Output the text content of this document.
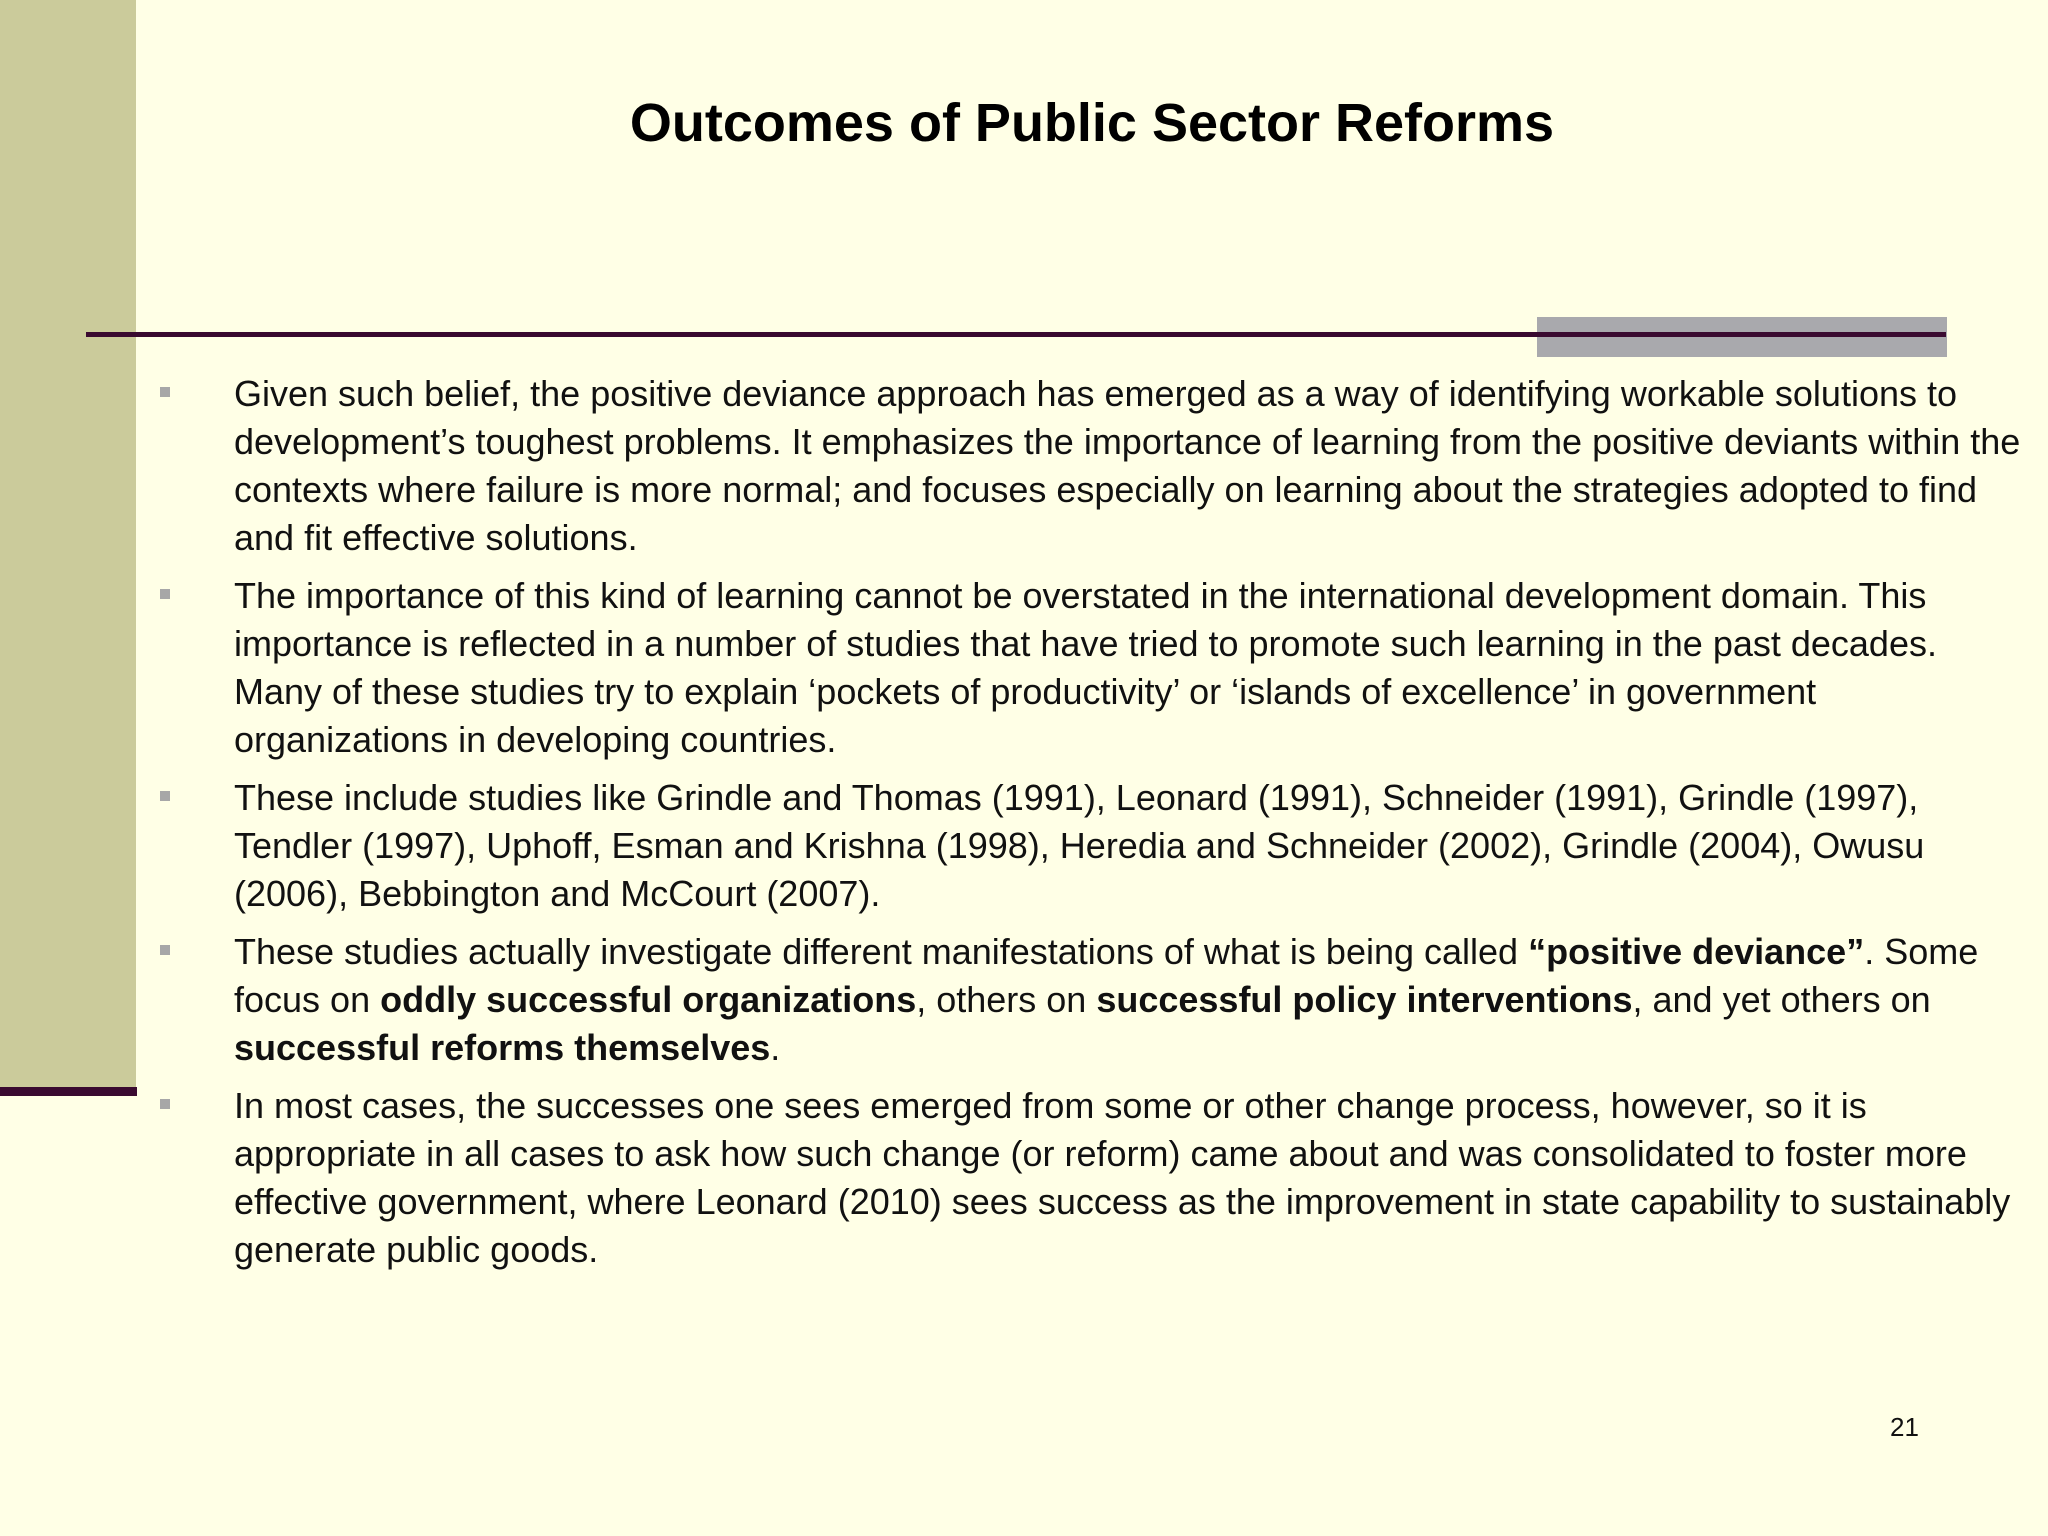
Outcomes of Public Sector Reforms
Given such belief, the positive deviance approach has emerged as a way of identifying workable solutions to development’s toughest problems. It emphasizes the importance of learning from the positive deviants within the contexts where failure is more normal; and focuses especially on learning about the strategies adopted to find and fit effective solutions.
The importance of this kind of learning cannot be overstated in the international development domain. This importance is reflected in a number of studies that have tried to promote such learning in the past decades. Many of these studies try to explain ‘pockets of productivity’ or ‘islands of excellence’ in government organizations in developing countries.
These include studies like Grindle and Thomas (1991), Leonard (1991), Schneider (1991), Grindle (1997), Tendler (1997), Uphoff, Esman and Krishna (1998), Heredia and Schneider (2002), Grindle (2004), Owusu (2006), Bebbington and McCourt (2007).
These studies actually investigate different manifestations of what is being called “positive deviance”. Some focus on oddly successful organizations, others on successful policy interventions, and yet others on successful reforms themselves.
In most cases, the successes one sees emerged from some or other change process, however, so it is appropriate in all cases to ask how such change (or reform) came about and was consolidated to foster more effective government, where Leonard (2010) sees success as the improvement in state capability to sustainably generate public goods.
21
